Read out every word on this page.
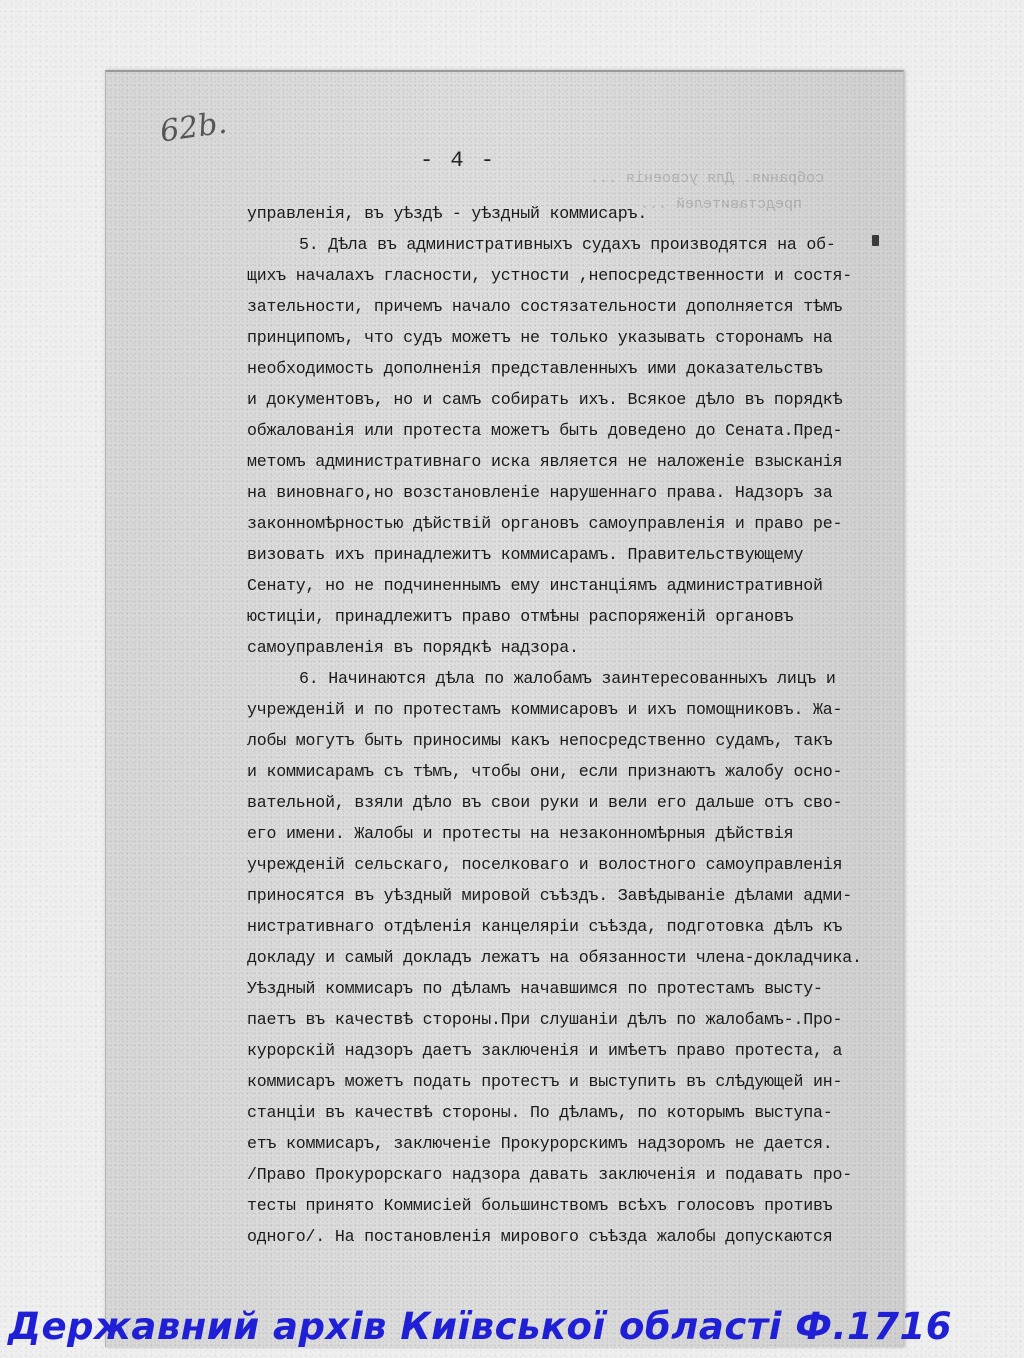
62b.
собрания. Для усвоенія ...
представителей ...
- 4 -
управленія, въ уѣздѣ - уѣздный коммисаръ.
5. Дѣла въ административныхъ судахъ производятся на об-
щихъ началахъ гласности, устности ,непосредственности и состя-
зательности, причемъ начало состязательности дополняется тѣмъ
принципомъ, что судъ можетъ не только указывать сторонамъ на
необходимость дополненія представленныхъ ими доказательствъ
и документовъ, но и самъ собирать ихъ. Всякое дѣло въ порядкѣ
обжалованія или протеста можетъ быть доведено до Сената.Пред-
метомъ административнаго иска является не наложеніе взысканія
на виновнаго,но возстановленіе нарушеннаго права. Надзоръ за
законномѣрностью дѣйствій органовъ самоуправленія и право ре-
визовать ихъ принадлежитъ коммисарамъ. Правительствующему
Сенату, но не подчиненнымъ ему инстанціямъ административной
юстиціи, принадлежитъ право отмѣны распоряженій органовъ
самоуправленія въ порядкѣ надзора.
6. Начинаются дѣла по жалобамъ заинтересованныхъ лицъ и
учрежденій и по протестамъ коммисаровъ и ихъ помощниковъ. Жа-
лобы могутъ быть приносимы какъ непосредственно судамъ, такъ
и коммисарамъ съ тѣмъ, чтобы они, если признаютъ жалобу осно-
вательной, взяли дѣло въ свои руки и вели его дальше отъ сво-
его имени. Жалобы и протесты на незаконномѣрныя дѣйствія
учрежденій сельскаго, поселковаго и волостного самоуправленія
приносятся въ уѣздный мировой съѣздъ. Завѣдываніе дѣлами адми-
нистративнаго отдѣленія канцеляріи съѣзда, подготовка дѣлъ къ
докладу и самый докладъ лежатъ на обязанности члена-докладчика.
Уѣздный коммисаръ по дѣламъ начавшимся по протестамъ высту-
паетъ въ качествѣ стороны.При слушаніи дѣлъ по жалобамъ-.Про-
курорскій надзоръ даетъ заключенія и имѣетъ право протеста, а
коммисаръ можетъ подать протестъ и выступить въ слѣдующей ин-
станціи въ качествѣ стороны. По дѣламъ, по которымъ выступа-
етъ коммисаръ, заключеніе Прокурорскимъ надзоромъ не дается.
/Право Прокурорскаго надзора давать заключенія и подавать про-
тесты принято Коммисіей большинствомъ всѣхъ голосовъ противъ
одного/. На постановленія мирового съѣзда жалобы допускаются
Державний архів Київської області Ф.1716
